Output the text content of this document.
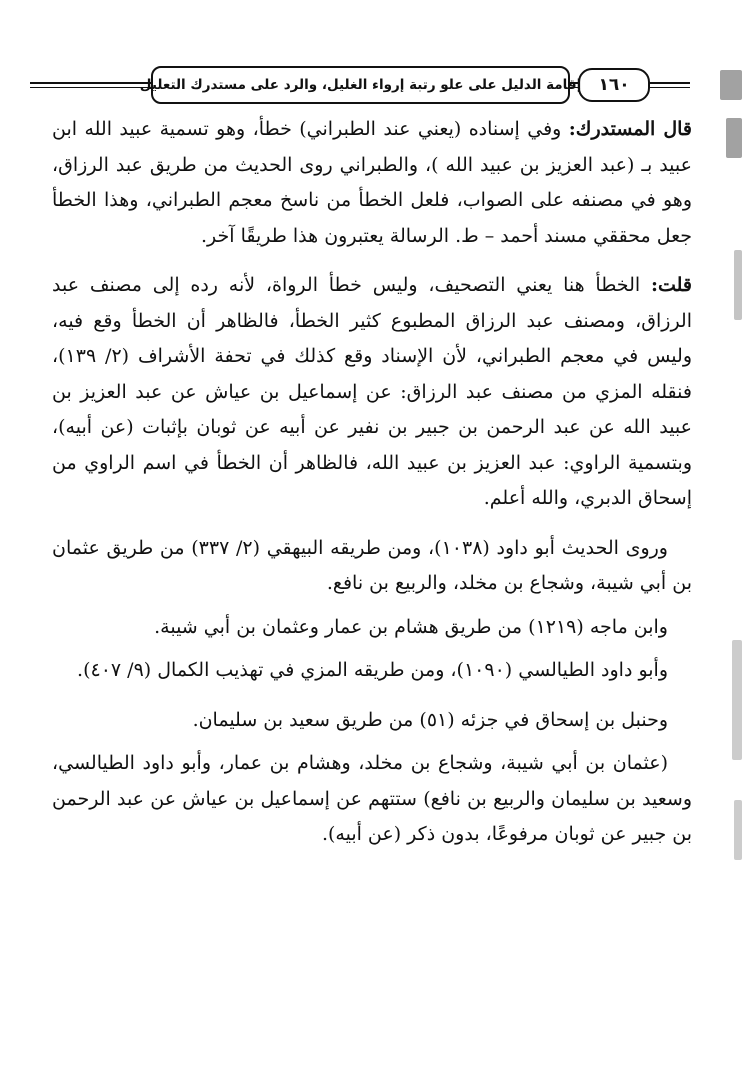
١٦٠
إقامة الدليل على علو رتبة إرواء الغليل، والرد على مستدرك التعليل

قال المستدرك: وفي إسناده (يعني عند الطبراني) خطأ، وهو تسمية عبيد الله ابن عبيد بـ (عبد العزيز بن عبيد الله )، والطبراني روى الحديث من طريق عبد الرزاق، وهو في مصنفه على الصواب، فلعل الخطأ من ناسخ معجم الطبراني، وهذا الخطأ جعل محققي مسند أحمد – ط. الرسالة يعتبرون هذا طريقًا آخر.

قلت: الخطأ هنا يعني التصحيف، وليس خطأ الرواة، لأنه رده إلى مصنف عبد الرزاق، ومصنف عبد الرزاق المطبوع كثير الخطأ، فالظاهر أن الخطأ وقع فيه، وليس في معجم الطبراني، لأن الإسناد وقع كذلك في تحفة الأشراف (٢/ ١٣٩)، فنقله المزي من مصنف عبد الرزاق: عن إسماعيل بن عياش عن عبد العزيز بن عبيد الله عن عبد الرحمن بن جبير بن نفير عن أبيه عن ثوبان بإثبات (عن أبيه)، وبتسمية الراوي: عبد العزيز بن عبيد الله، فالظاهر أن الخطأ في اسم الراوي من إسحاق الدبري، والله أعلم.

وروى الحديث أبو داود (١٠٣٨)، ومن طريقه البيهقي (٢/ ٣٣٧) من طريق عثمان بن أبي شيبة، وشجاع بن مخلد، والربيع بن نافع.

وابن ماجه (١٢١٩) من طريق هشام بن عمار وعثمان بن أبي شيبة.

وأبو داود الطيالسي (١٠٩٠)، ومن طريقه المزي في تهذيب الكمال (٩/ ٤٠٧).

وحنبل بن إسحاق في جزئه (٥١) من طريق سعيد بن سليمان.

(عثمان بن أبي شيبة، وشجاع بن مخلد، وهشام بن عمار، وأبو داود الطيالسي، وسعيد بن سليمان والربيع بن نافع) ستتهم عن إسماعيل بن عياش عن عبد الرحمن بن جبير عن ثوبان مرفوعًا، بدون ذكر (عن أبيه).
